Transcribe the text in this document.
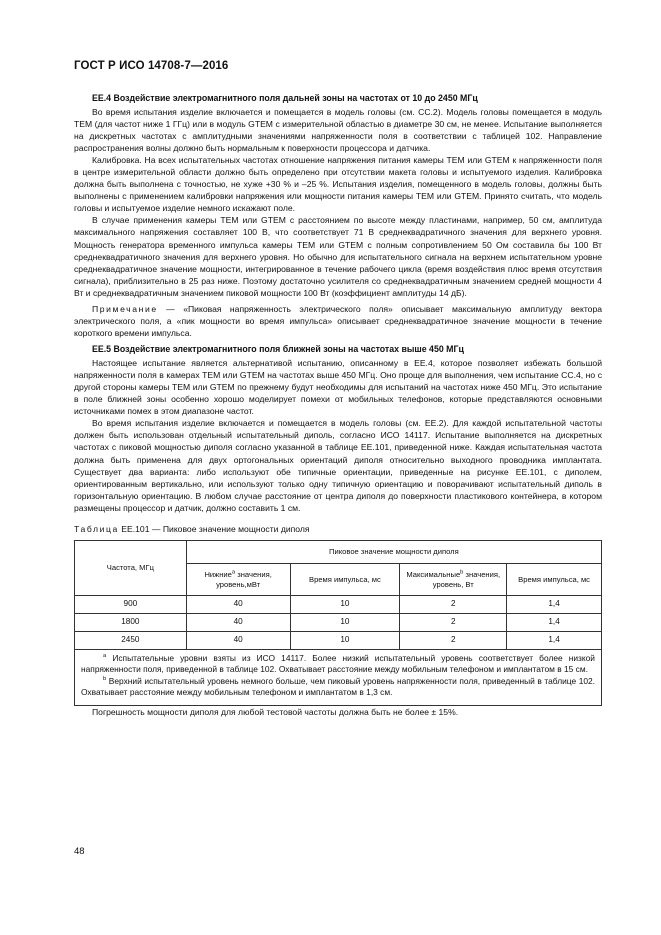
ГОСТ Р ИСО 14708-7—2016
EE.4 Воздействие электромагнитного поля дальней зоны на частотах от 10 до 2450 МГц

Во время испытания изделие включается и помещается в модель головы (см. СС.2). Модель головы помещается в модуль ТЕМ (для частот ниже 1 ГГц) или в модуль GTEM с измерительной областью в диаметре 30 см, не менее. Испытание выполняется на дискретных частотах с амплитудными значениями напряженности поля в соответствии с таблицей 102. Направление распространения волны должно быть нормальным к поверхности процессора и датчика.

Калибровка. На всех испытательных частотах отношение напряжения питания камеры ТЕМ или GTEM к напряженности поля в центре измерительной области должно быть определено при отсутствии макета головы и испытуемого изделия. Калибровка должна быть выполнена с точностью, не хуже +30 % и –25 %. Испытания изделия, помещенного в модель головы, должны быть выполнены с применением калибровки напряжения или мощности питания камеры ТЕМ или GTEM. Принято считать, что модель головы и испытуемое изделие немного искажают поле.

В случае применения камеры ТЕМ или GTEM с расстоянием по высоте между пластинами, например, 50 см, амплитуда максимального напряжения составляет 100 В, что соответствует 71 В среднеквадратичного значения для верхнего уровня. Мощность генератора временного импульса камеры ТЕМ или GTEM с полным сопротивлением 50 Ом составила бы 100 Вт среднеквадратичного значения для верхнего уровня. Но обычно для испытательного сигнала на верхнем испытательном уровне среднеквадратичное значение мощности, интегрированное в течение рабочего цикла (время воздействия плюс время отсутствия сигнала), приблизительно в 25 раз ниже. Поэтому достаточно усилителя со среднеквадратичным значением средней мощности 4 Вт и среднеквадратичным значением пиковой мощности 100 Вт (коэффициент амплитуды 14 дБ).

Примечание — «Пиковая напряженность электрического поля» описывает максимальную амплитуду вектора электрического поля, а «пик мощности во время импульса» описывает среднеквадратичное значение мощности в течение короткого времени импульса.

EE.5 Воздействие электромагнитного поля ближней зоны на частотах выше 450 МГц

Настоящее испытание является альтернативой испытанию, описанному в ЕЕ.4, которое позволяет избежать большой напряженности поля в камерах ТЕМ или GTEM на частотах выше 450 МГц. Оно проще для выполнения, чем испытание СС.4, но с другой стороны камеры ТЕМ или GTEM по прежнему будут необходимы для испытаний на частотах ниже 450 МГц. Это испытание в поле ближней зоны особенно хорошо моделирует помехи от мобильных телефонов, которые представляются основными источниками помех в этом диапазоне частот.

Во время испытания изделие включается и помещается в модель головы (см. ЕЕ.2). Для каждой испытательной частоты должен быть использован отдельный испытательный диполь, согласно ИСО 14117. Испытание выполняется на дискретных частотах с пиковой мощностью диполя согласно указанной в таблице ЕЕ.101, приведенной ниже. Каждая испытательная частота должна быть применена для двух ортогональных ориентаций диполя относительно выходного проводника имплантата. Существует два варианта: либо используют обе типичные ориентации, приведенные на рисунке ЕЕ.101, с диполем, ориентированным вертикально, или используют только одну типичную ориентацию и поворачивают испытательный диполь в горизонтальную ориентацию. В любом случае расстояние от центра диполя до поверхности пластикового контейнера, в котором размещены процессор и датчик, должно составить 1 см.

Таблица ЕЕ.101 — Пиковое значение мощности диполя
Частота, МГц	Пиковое значение мощности диполя			
	Нижние$^a$ значения, уровень,мВт	Время импульса, мс	Максимальные$^b$ значения, уровень, Вт	Время импульса, мс
900	40	10	2	1,4
1800	40	10	2	1,4
2450	40	10	2	1,4

$^a$ Испытательные уровни взяты из ИСО 14117. Более низкий испытательный уровень соответствует более низкой напряженности поля, приведенной в таблице 102. Охватывает расстояние между мобильным телефоном и имплантатом в 15 см.
$^b$ Верхний испытательный уровень немного больше, чем пиковый уровень напряженности поля, приведенный в таблице 102. Охватывает расстояние между мобильным телефоном и имплантатом в 1,3 см.				

Погрешность мощности диполя для любой тестовой частоты должна быть не более ± 15%.

48
